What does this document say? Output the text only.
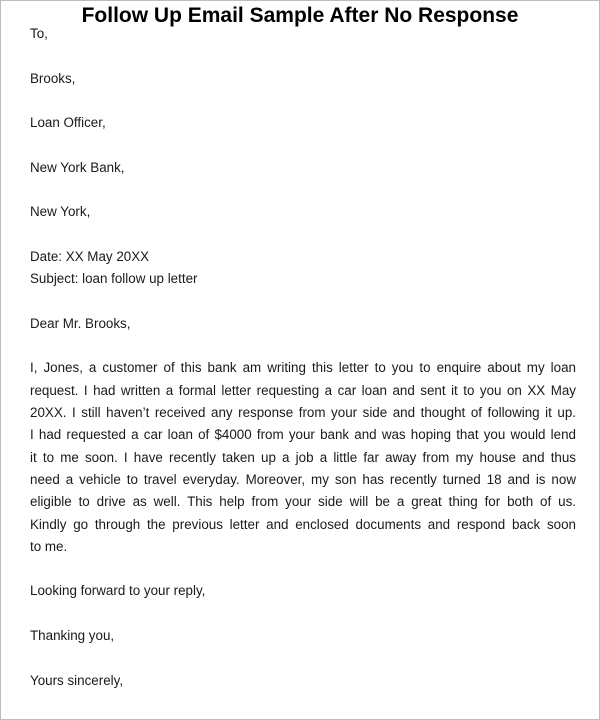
Follow Up Email Sample After No Response
To,
Brooks,
Loan Officer,
New York Bank,
New York,
Date: XX May 20XX
Subject: loan follow up letter
Dear Mr. Brooks,
I, Jones, a customer of this bank am writing this letter to you to enquire about my loan
request. I had written a formal letter requesting a car loan and sent it to you on XX May
20XX. I still haven’t received any response from your side and thought of following it up.
I had requested a car loan of $4000 from your bank and was hoping that you would lend
it to me soon. I have recently taken up a job a little far away from my house and thus
need a vehicle to travel everyday. Moreover, my son has recently turned 18 and is now
eligible to drive as well. This help from your side will be a great thing for both of us.
Kindly go through the previous letter and enclosed documents and respond back soon
to me.
Looking forward to your reply,
Thanking you,
Yours sincerely,
